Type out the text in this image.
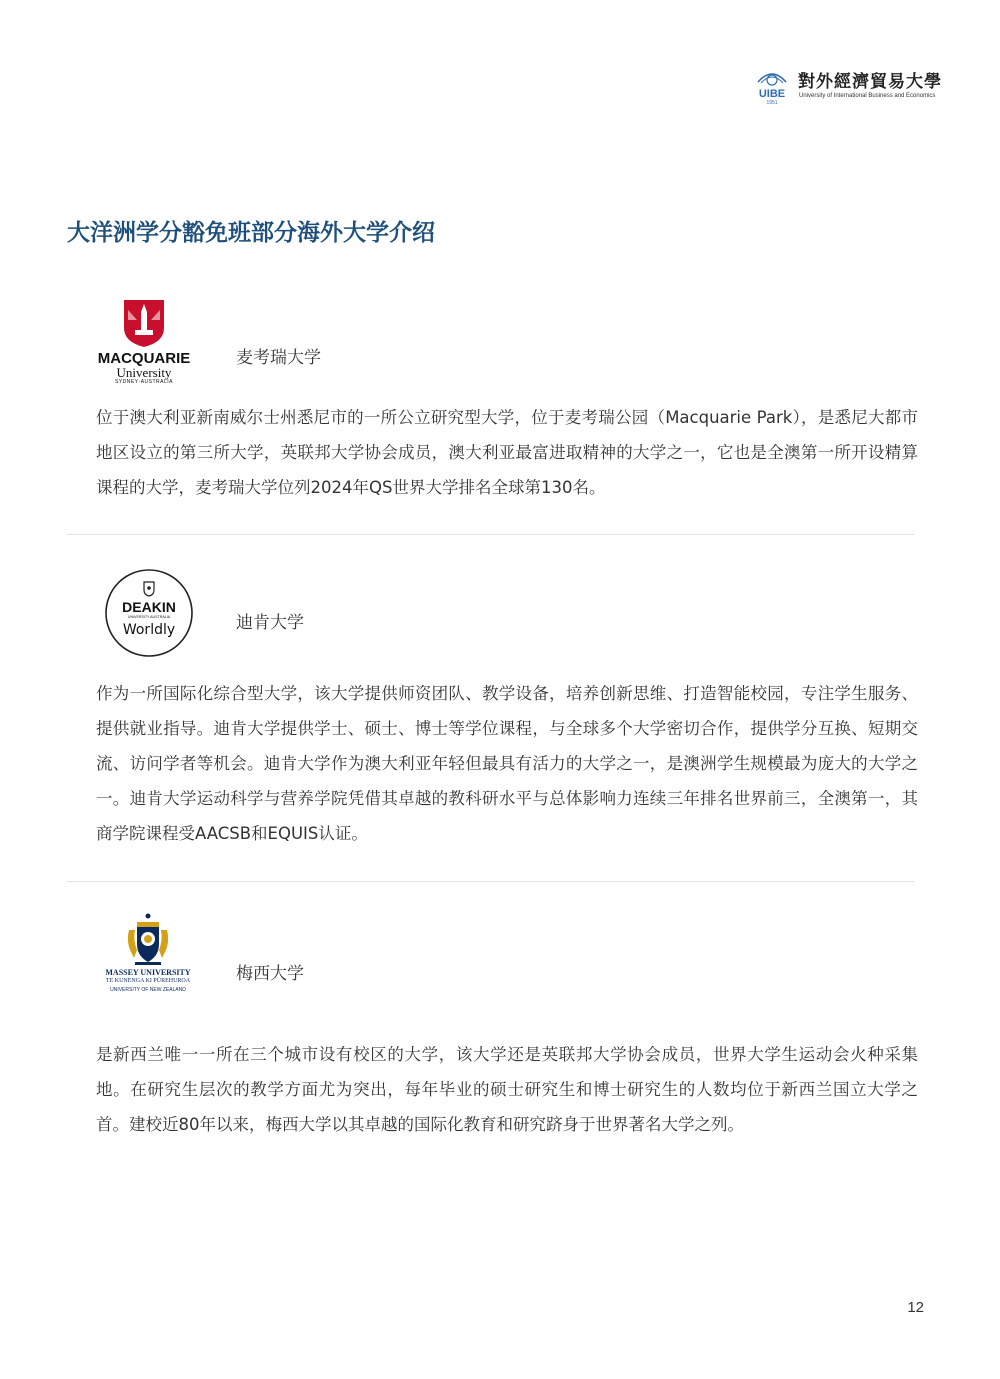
UIBE
1951
對外經濟貿易大學
University of International Business and Economics
大洋洲学分豁免班部分海外大学介绍
MACQUARIE
University
SYDNEY·AUSTRALIA
麦考瑞大学

位于澳大利亚新南威尔士州悉尼市的一所公立研究型大学，位于麦考瑞公园（Macquarie Park），是悉尼大都市地区设立的第三所大学，英联邦大学协会成员，澳大利亚最富进取精神的大学之一，它也是全澳第一所开设精算课程的大学，麦考瑞大学位列2024年QS世界大学排名全球第130名。

DEAKIN
UNIVERSITY AUSTRALIA
Worldly	迪肯大学

作为一所国际化综合型大学，该大学提供师资团队、教学设备，培养创新思维、打造智能校园，专注学生服务、提供就业指导。迪肯大学提供学士、硕士、博士等学位课程，与全球多个大学密切合作，提供学分互换、短期交流、访问学者等机会。迪肯大学作为澳大利亚年轻但最具有活力的大学之一，是澳洲学生规模最为庞大的大学之一。迪肯大学运动科学与营养学院凭借其卓越的教科研水平与总体影响力连续三年排名世界前三，全澳第一，其商学院课程受AACSB和EQUIS认证。

MASSEY UNIVERSITY
TE KUNENGA KI PŪREHUROA
UNIVERSITY OF NEW ZEALAND
梅西大学

是新西兰唯一一所在三个城市设有校区的大学，该大学还是英联邦大学协会成员，世界大学生运动会火种采集地。在研究生层次的教学方面尤为突出，每年毕业的硕士研究生和博士研究生的人数均位于新西兰国立大学之首。建校近80年以来，梅西大学以其卓越的国际化教育和研究跻身于世界著名大学之列。

12
